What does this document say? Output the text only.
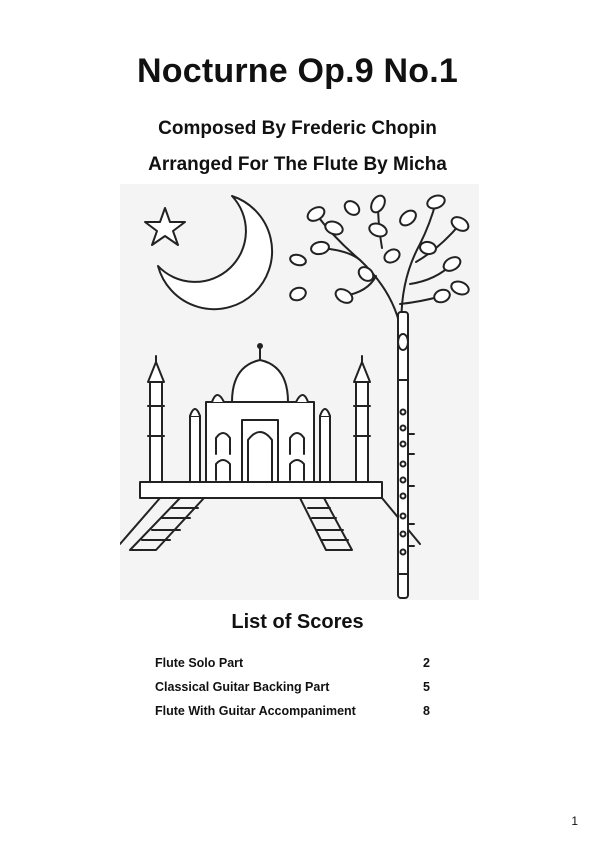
Nocturne Op.9 No.1
Composed By Frederic Chopin
Arranged For The Flute By Micha
List of Scores
Flute Solo Part	2
Classical Guitar Backing Part	5
Flute With Guitar Accompaniment	8
1
